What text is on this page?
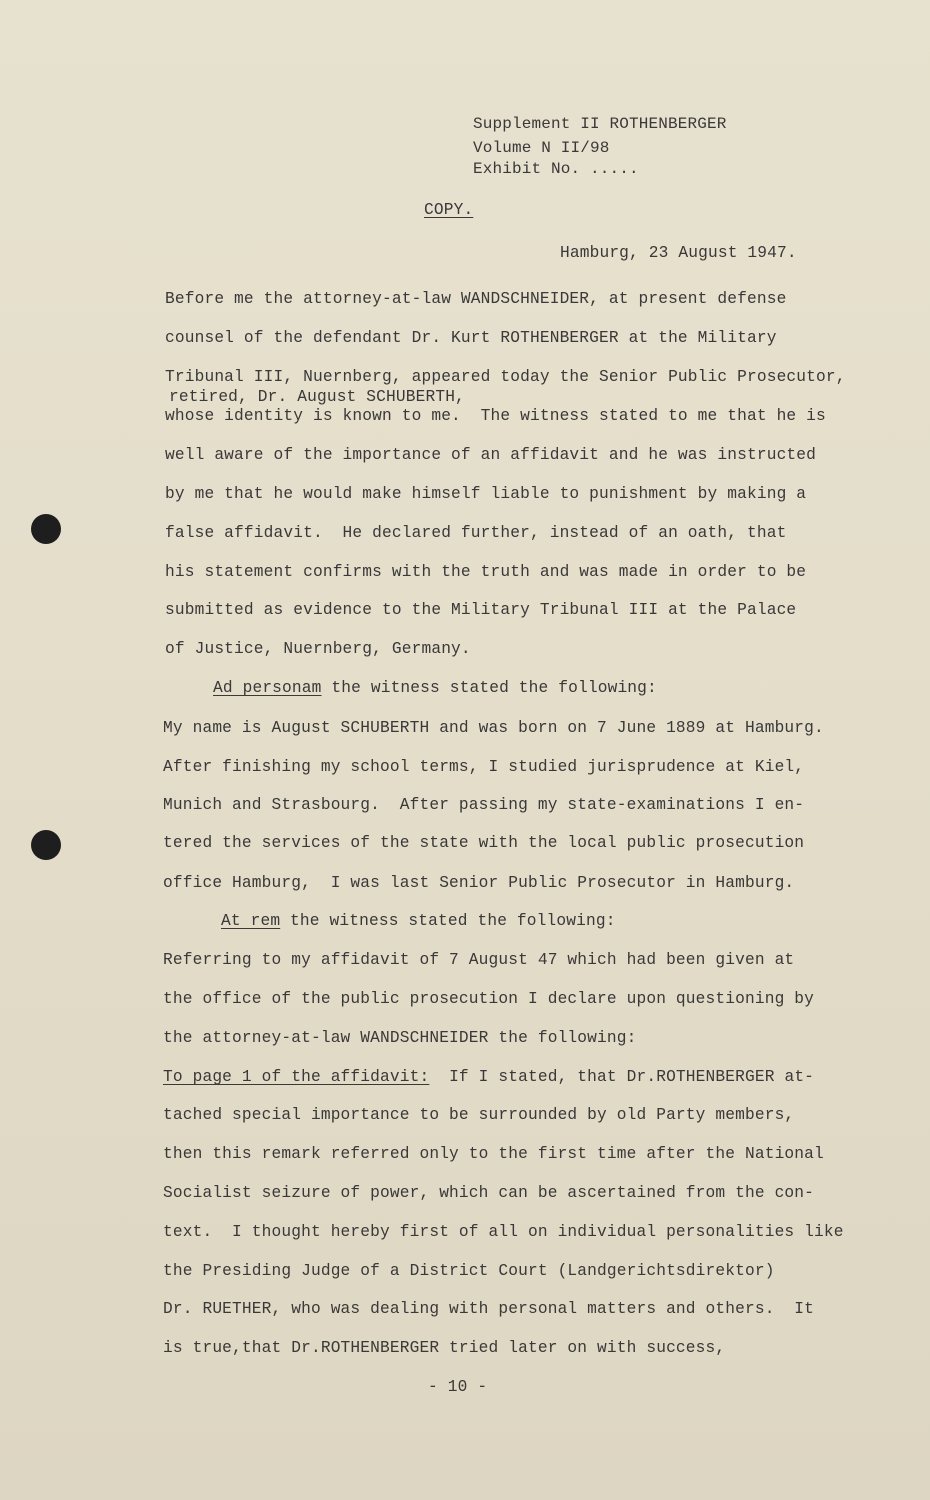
Supplement II ROTHENBERGER
Volume N II/98
Exhibit No. .....
COPY.
Hamburg, 23 August 1947.
Before me the attorney-at-law WANDSCHNEIDER, at present defense
counsel of the defendant Dr. Kurt ROTHENBERGER at the Military
Tribunal III, Nuernberg, appeared today the Senior Public Prosecutor,
retired, Dr. August SCHUBERTH,
whose identity is known to me.  The witness stated to me that he is
well aware of the importance of an affidavit and he was instructed
by me that he would make himself liable to punishment by making a
false affidavit.  He declared further, instead of an oath, that
his statement confirms with the truth and was made in order to be
submitted as evidence to the Military Tribunal III at the Palace
of Justice, Nuernberg, Germany.
Ad personam the witness stated the following:
My name is August SCHUBERTH and was born on 7 June 1889 at Hamburg.
After finishing my school terms, I studied jurisprudence at Kiel,
Munich and Strasbourg.  After passing my state-examinations I en-
tered the services of the state with the local public prosecution
office Hamburg,  I was last Senior Public Prosecutor in Hamburg.
At rem the witness stated the following:
Referring to my affidavit of 7 August 47 which had been given at
the office of the public prosecution I declare upon questioning by
the attorney-at-law WANDSCHNEIDER the following:
To page 1 of the affidavit:  If I stated, that Dr.ROTHENBERGER at-
tached special importance to be surrounded by old Party members,
then this remark referred only to the first time after the National
Socialist seizure of power, which can be ascertained from the con-
text.  I thought hereby first of all on individual personalities like
the Presiding Judge of a District Court (Landgerichtsdirektor)
Dr. RUETHER, who was dealing with personal matters and others.  It
is true,that Dr.ROTHENBERGER tried later on with success,
- 10 -
